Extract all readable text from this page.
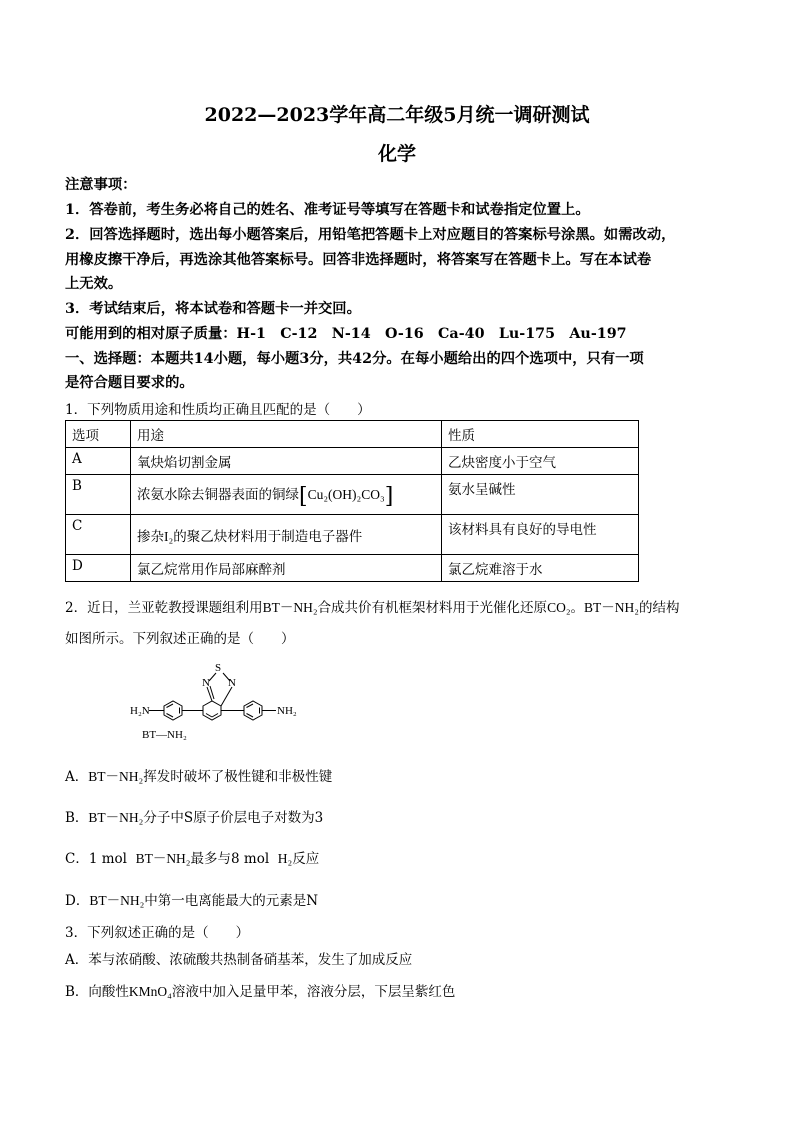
2022—2023学年高二年级5月统一调研测试
化学
注意事项：
1．答卷前，考生务必将自己的姓名、准考证号等填写在答题卡和试卷指定位置上。
2．回答选择题时，选出每小题答案后，用铅笔把答题卡上对应题目的答案标号涂黑。如需改动，
用橡皮擦干净后，再选涂其他答案标号。回答非选择题时，将答案写在答题卡上。写在本试卷
上无效。
3．考试结束后，将本试卷和答题卡一并交回。
可能用到的相对原子质量：H-1　C-12　N-14　O-16　Ca-40　Lu-175　Au-197
一、选择题：本题共14小题，每小题3分，共42分。在每小题给出的四个选项中，只有一项
是符合题目要求的。
1．下列物质用途和性质均正确且匹配的是（　　）
选项	用途	性质
A	氧炔焰切割金属	乙炔密度小于空气
B	浓氨水除去铜器表面的铜绿[Cu₂(OH)₂CO₃]	氨水呈碱性
C	掺杂I₂的聚乙炔材料用于制造电子器件	该材料具有良好的导电性
D	氯乙烷常用作局部麻醉剂	氯乙烷难溶于水
2．近日，兰亚乾教授课题组利用BT－NH₂合成共价有机框架材料用于光催化还原CO₂。BT－NH₂的结构
如图所示。下列叙述正确的是（　　）
H₂N	NH₂
S
N N
BT—NH₂
A．BT－NH₂挥发时破坏了极性键和非极性键
B．BT－NH₂分子中S原子价层电子对数为3
C．1 mol BT－NH₂最多与8 mol H₂反应
D．BT－NH₂中第一电离能最大的元素是N
3．下列叙述正确的是（　　）
A．苯与浓硝酸、浓硫酸共热制备硝基苯，发生了加成反应
B．向酸性KMnO₄溶液中加入足量甲苯，溶液分层，下层呈紫红色
